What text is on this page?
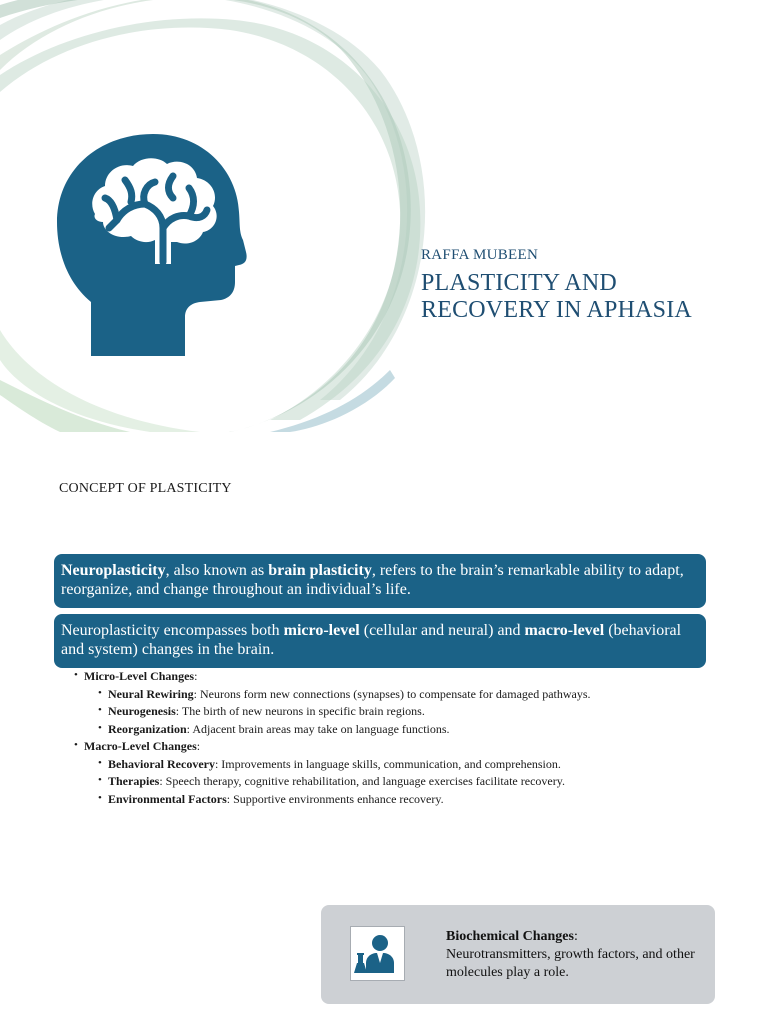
RAFFA MUBEEN
PLASTICITY AND
RECOVERY IN APHASIA
CONCEPT OF PLASTICITY
Neuroplasticity, also known as brain plasticity, refers to the brain’s remarkable ability to adapt, reorganize, and change throughout an individual’s life.
Neuroplasticity encompasses both micro-level (cellular and neural) and macro-level (behavioral and system) changes in the brain.
• Micro-Level Changes:
• Neural Rewiring: Neurons form new connections (synapses) to compensate for damaged pathways.
• Neurogenesis: The birth of new neurons in specific brain regions.
• Reorganization: Adjacent brain areas may take on language functions.
• Macro-Level Changes:
• Behavioral Recovery: Improvements in language skills, communication, and comprehension.
• Therapies: Speech therapy, cognitive rehabilitation, and language exercises facilitate recovery.
• Environmental Factors: Supportive environments enhance recovery.
Biochemical Changes:
Neurotransmitters, growth factors, and other molecules play a role.
